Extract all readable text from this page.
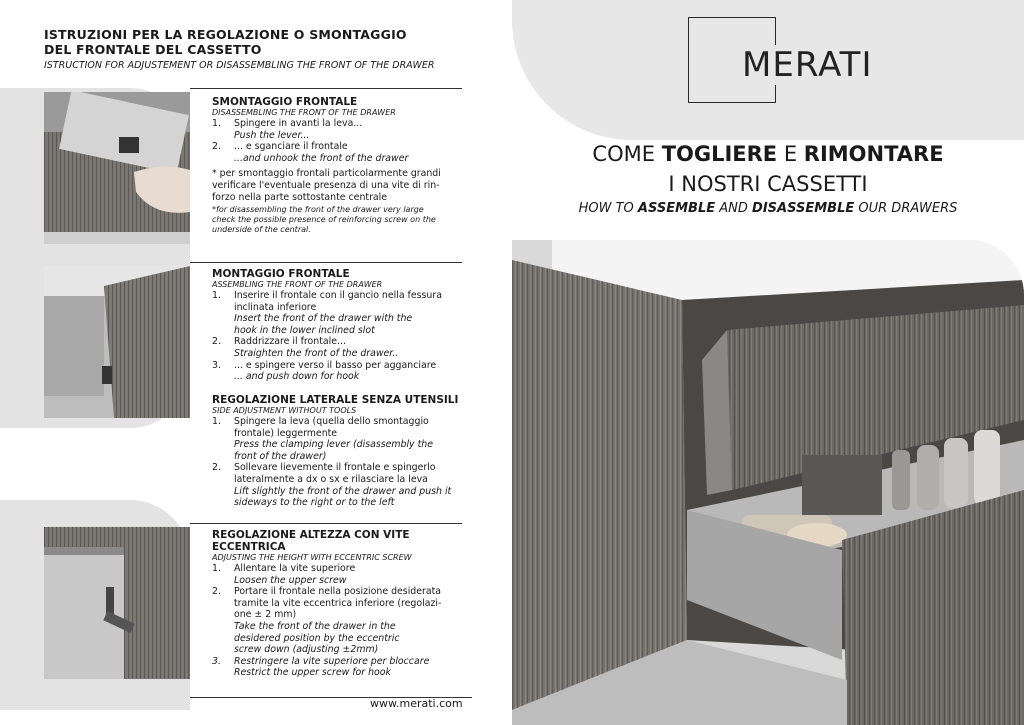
ISTRUZIONI PER LA REGOLAZIONE O SMONTAGGIO
DEL FRONTALE DEL CASSETTO
ISTRUCTION FOR ADJUSTEMENT OR DISASSEMBLING THE FRONT OF THE DRAWER
SMONTAGGIO FRONTALE
DISASSEMBLING THE FRONT OF THE DRAWER
1.	Spingere in avanti la leva...
Push the lever...
2.	... e sganciare il frontale
...and unhook the front of the drawer
* per smontaggio frontali particolarmente grandi
verificare l'eventuale presenza di una vite di rin-
forzo nella parte sottostante centrale
*for disassembling the front of the drawer very large
check the possible presence of reinforcing screw on the
underside of the central.
MONTAGGIO FRONTALE
ASSEMBLING THE FRONT OF THE DRAWER
1.	Inserire il frontale con il gancio nella fessura
inclinata inferiore
Insert the front of the drawer with the
hook in the lower inclined slot
2.	Raddrizzare il frontale...
Straighten the front of the drawer..
3.	... e spingere verso il basso per agganciare
... and push down for hook
REGOLAZIONE LATERALE SENZA UTENSILI
SIDE ADJUSTMENT WITHOUT TOOLS
1.	Spingere la leva (quella dello smontaggio
frontale) leggermente
Press the clamping lever (disassembly the
front of the drawer)
2.	Sollevare lievemente il frontale e spingerlo
lateralmente a dx o sx e rilasciare la leva
Lift slightly the front of the drawer and push it
sideways to the right or to the left
REGOLAZIONE ALTEZZA CON VITE ECCENTRICA
ADJUSTING THE HEIGHT WITH ECCENTRIC SCREW
1.	Allentare la vite superiore
Loosen the upper screw
2.	Portare il frontale nella posizione desiderata
tramite la vite eccentrica inferiore (regolazi-
one ± 2 mm)
Take the front of the drawer in the
desidered position by the eccentric
screw down (adjusting ±2mm)
3.	Restringere la vite superiore per bloccare
Restrict the upper screw for hook
www.merati.com
MERATI
COME TOGLIERE E RIMONTARE
I NOSTRI CASSETTI
HOW TO ASSEMBLE AND DISASSEMBLE OUR DRAWERS
